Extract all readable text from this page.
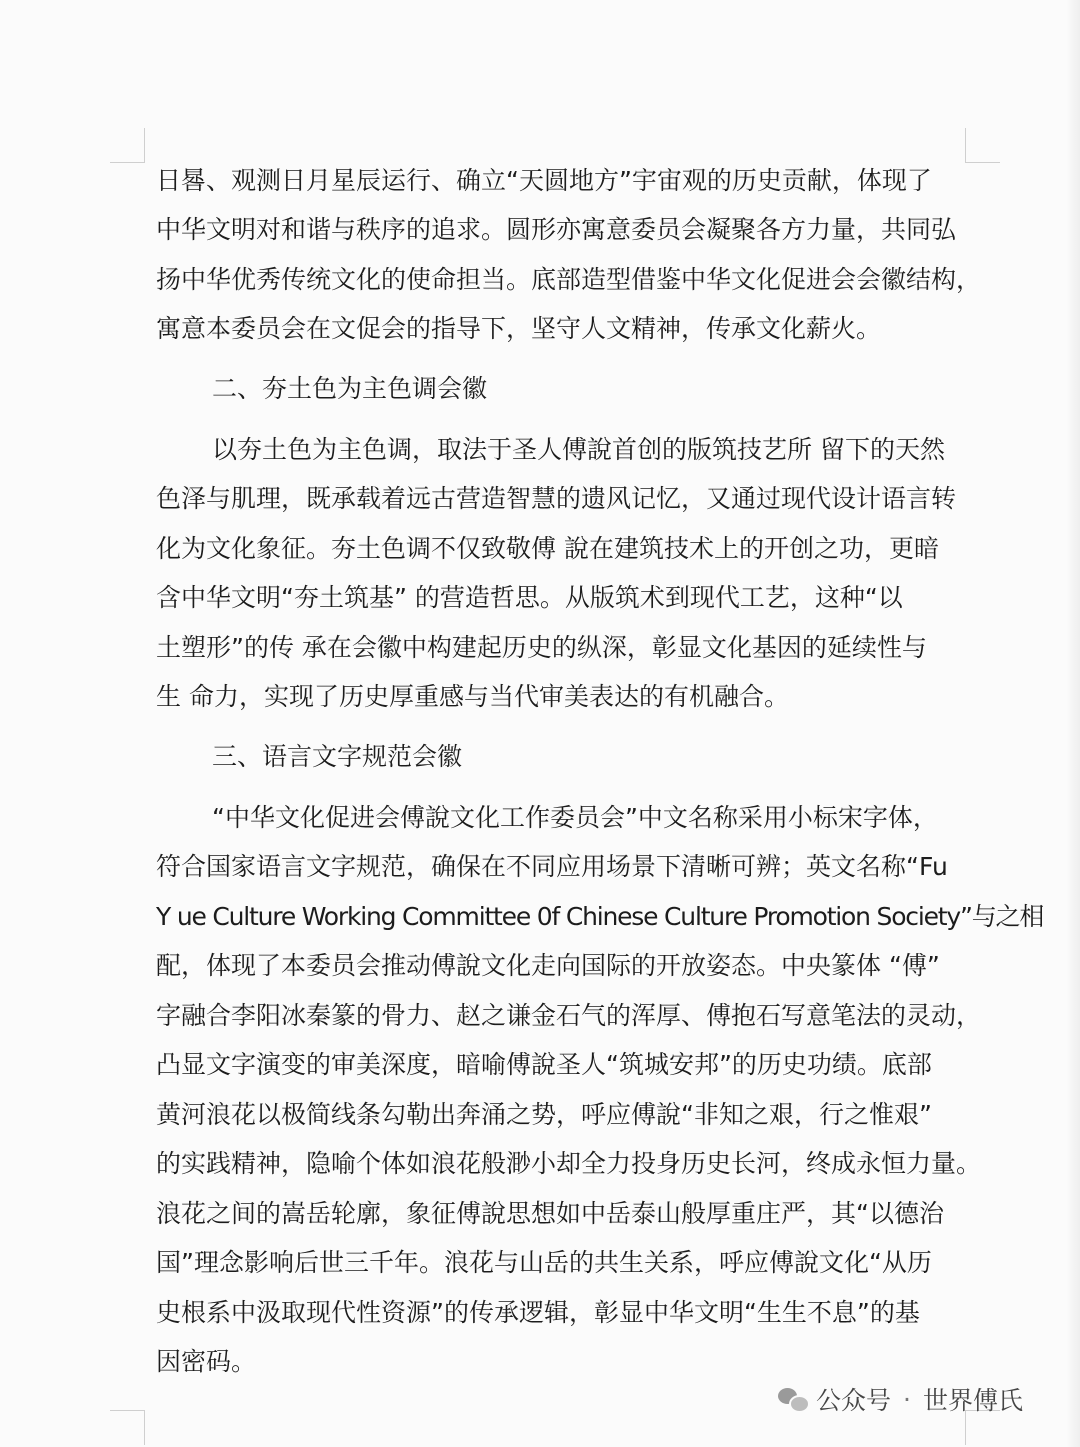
日晷、观测日月星辰运行、确立“天圆地方”宇宙观的历史贡献，体现了
中华文明对和谐与秩序的追求。圆形亦寓意委员会凝聚各方力量，共同弘
扬中华优秀传统文化的使命担当。底部造型借鉴中华文化促进会会徽结构，
寓意本委员会在文促会的指导下，坚守人文精神，传承文化薪火。
二、夯土色为主色调会徽
以夯土色为主色调，取法于圣人傅說首创的版筑技艺所 留下的天然
色泽与肌理，既承载着远古营造智慧的遗风记忆，又通过现代设计语言转
化为文化象征。夯土色调不仅致敬傅 說在建筑技术上的开创之功，更暗
含中华文明“夯土筑基” 的营造哲思。从版筑术到现代工艺，这种“以
土塑形”的传 承在会徽中构建起历史的纵深，彰显文化基因的延续性与
生 命力，实现了历史厚重感与当代审美表达的有机融合。
三、语言文字规范会徽
“中华文化促进会傅說文化工作委员会”中文名称采用小标宋字体，
符合国家语言文字规范，确保在不同应用场景下清晰可辨；英文名称“Fu
Y ue Culture Working Committee 0f Chinese Culture Promotion Society”与之相
配，体现了本委员会推动傅說文化走向国际的开放姿态。中央篆体 “傅”
字融合李阳冰秦篆的骨力、赵之谦金石气的浑厚、傅抱石写意笔法的灵动，
凸显文字演变的审美深度，暗喻傅說圣人“筑城安邦”的历史功绩。底部
黄河浪花以极简线条勾勒出奔涌之势，呼应傅說“非知之艰，行之惟艰”
的实践精神，隐喻个体如浪花般渺小却全力投身历史长河，终成永恒力量。
浪花之间的嵩岳轮廓，象征傅說思想如中岳泰山般厚重庄严，其“以德治
国”理念影响后世三千年。浪花与山岳的共生关系，呼应傅說文化“从历
史根系中汲取现代性资源”的传承逻辑，彰显中华文明“生生不息”的基
因密码。
公众号 · 世界傅氏
